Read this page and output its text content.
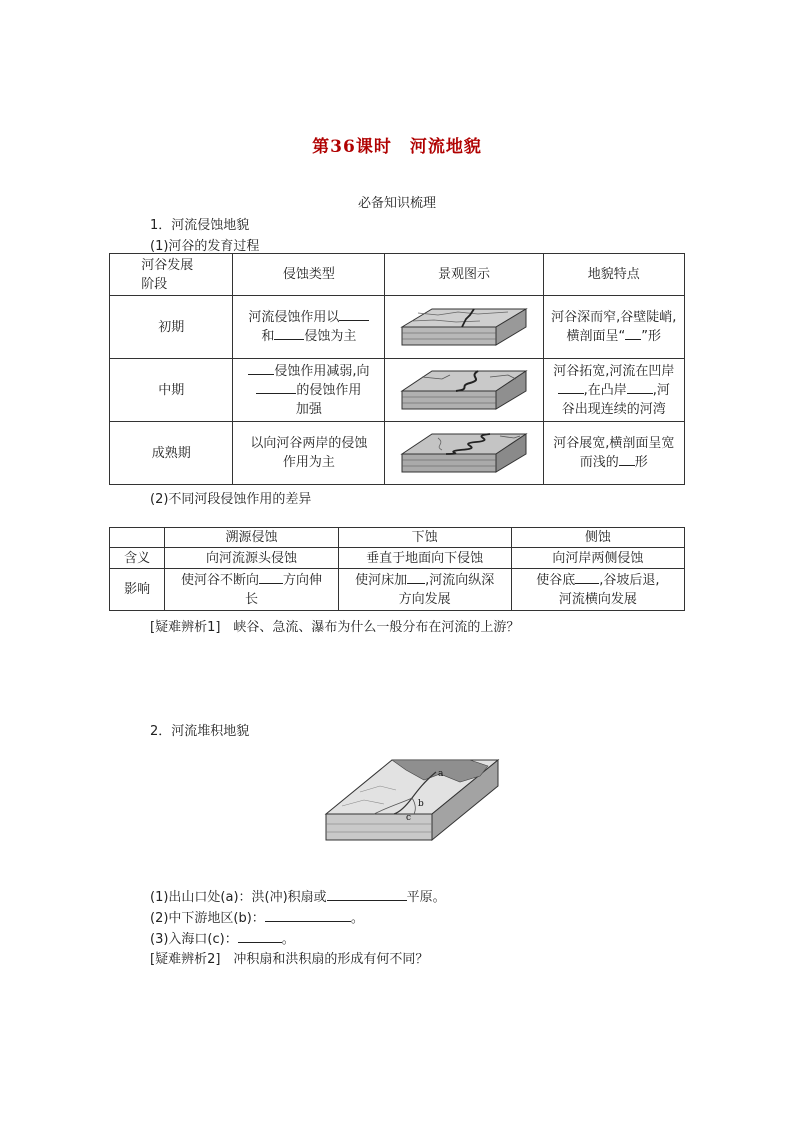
第36课时 河流地貌
必备知识梳理
1．河流侵蚀地貌
(1)河谷的发育过程
河谷发展阶段	侵蚀类型	景观图示	地貌特点
初期	河流侵蚀作用以
和 侵蚀为主		河谷深而窄,谷壁陡峭,
横剖面呈“ ”形
中期	侵蚀作用减弱,向
的侵蚀作用
加强		河谷拓宽,河流在凹岸
,在凸岸 ,河
谷出现连续的河湾
成熟期	以向河谷两岸的侵蚀
作用为主		河谷展宽,横剖面呈宽
而浅的 形
(2)不同河段侵蚀作用的差异
	溯源侵蚀	下蚀	侧蚀
含义	向河流源头侵蚀	垂直于地面向下侵蚀	向河岸两侧侵蚀
影响	使河谷不断向 方向伸
长	使河床加 ,河流向纵深
方向发展	使谷底 ,谷坡后退,
河流横向发展
[疑难辨析1]　峡谷、急流、瀑布为什么一般分布在河流的上游？
2．河流堆积地貌
a
b
c
(1)出山口处(a)：洪(冲)积扇或	平原。
(2)中下游地区(b)：	。
(3)入海口(c)：	。
[疑难辨析2]　冲积扇和洪积扇的形成有何不同？
